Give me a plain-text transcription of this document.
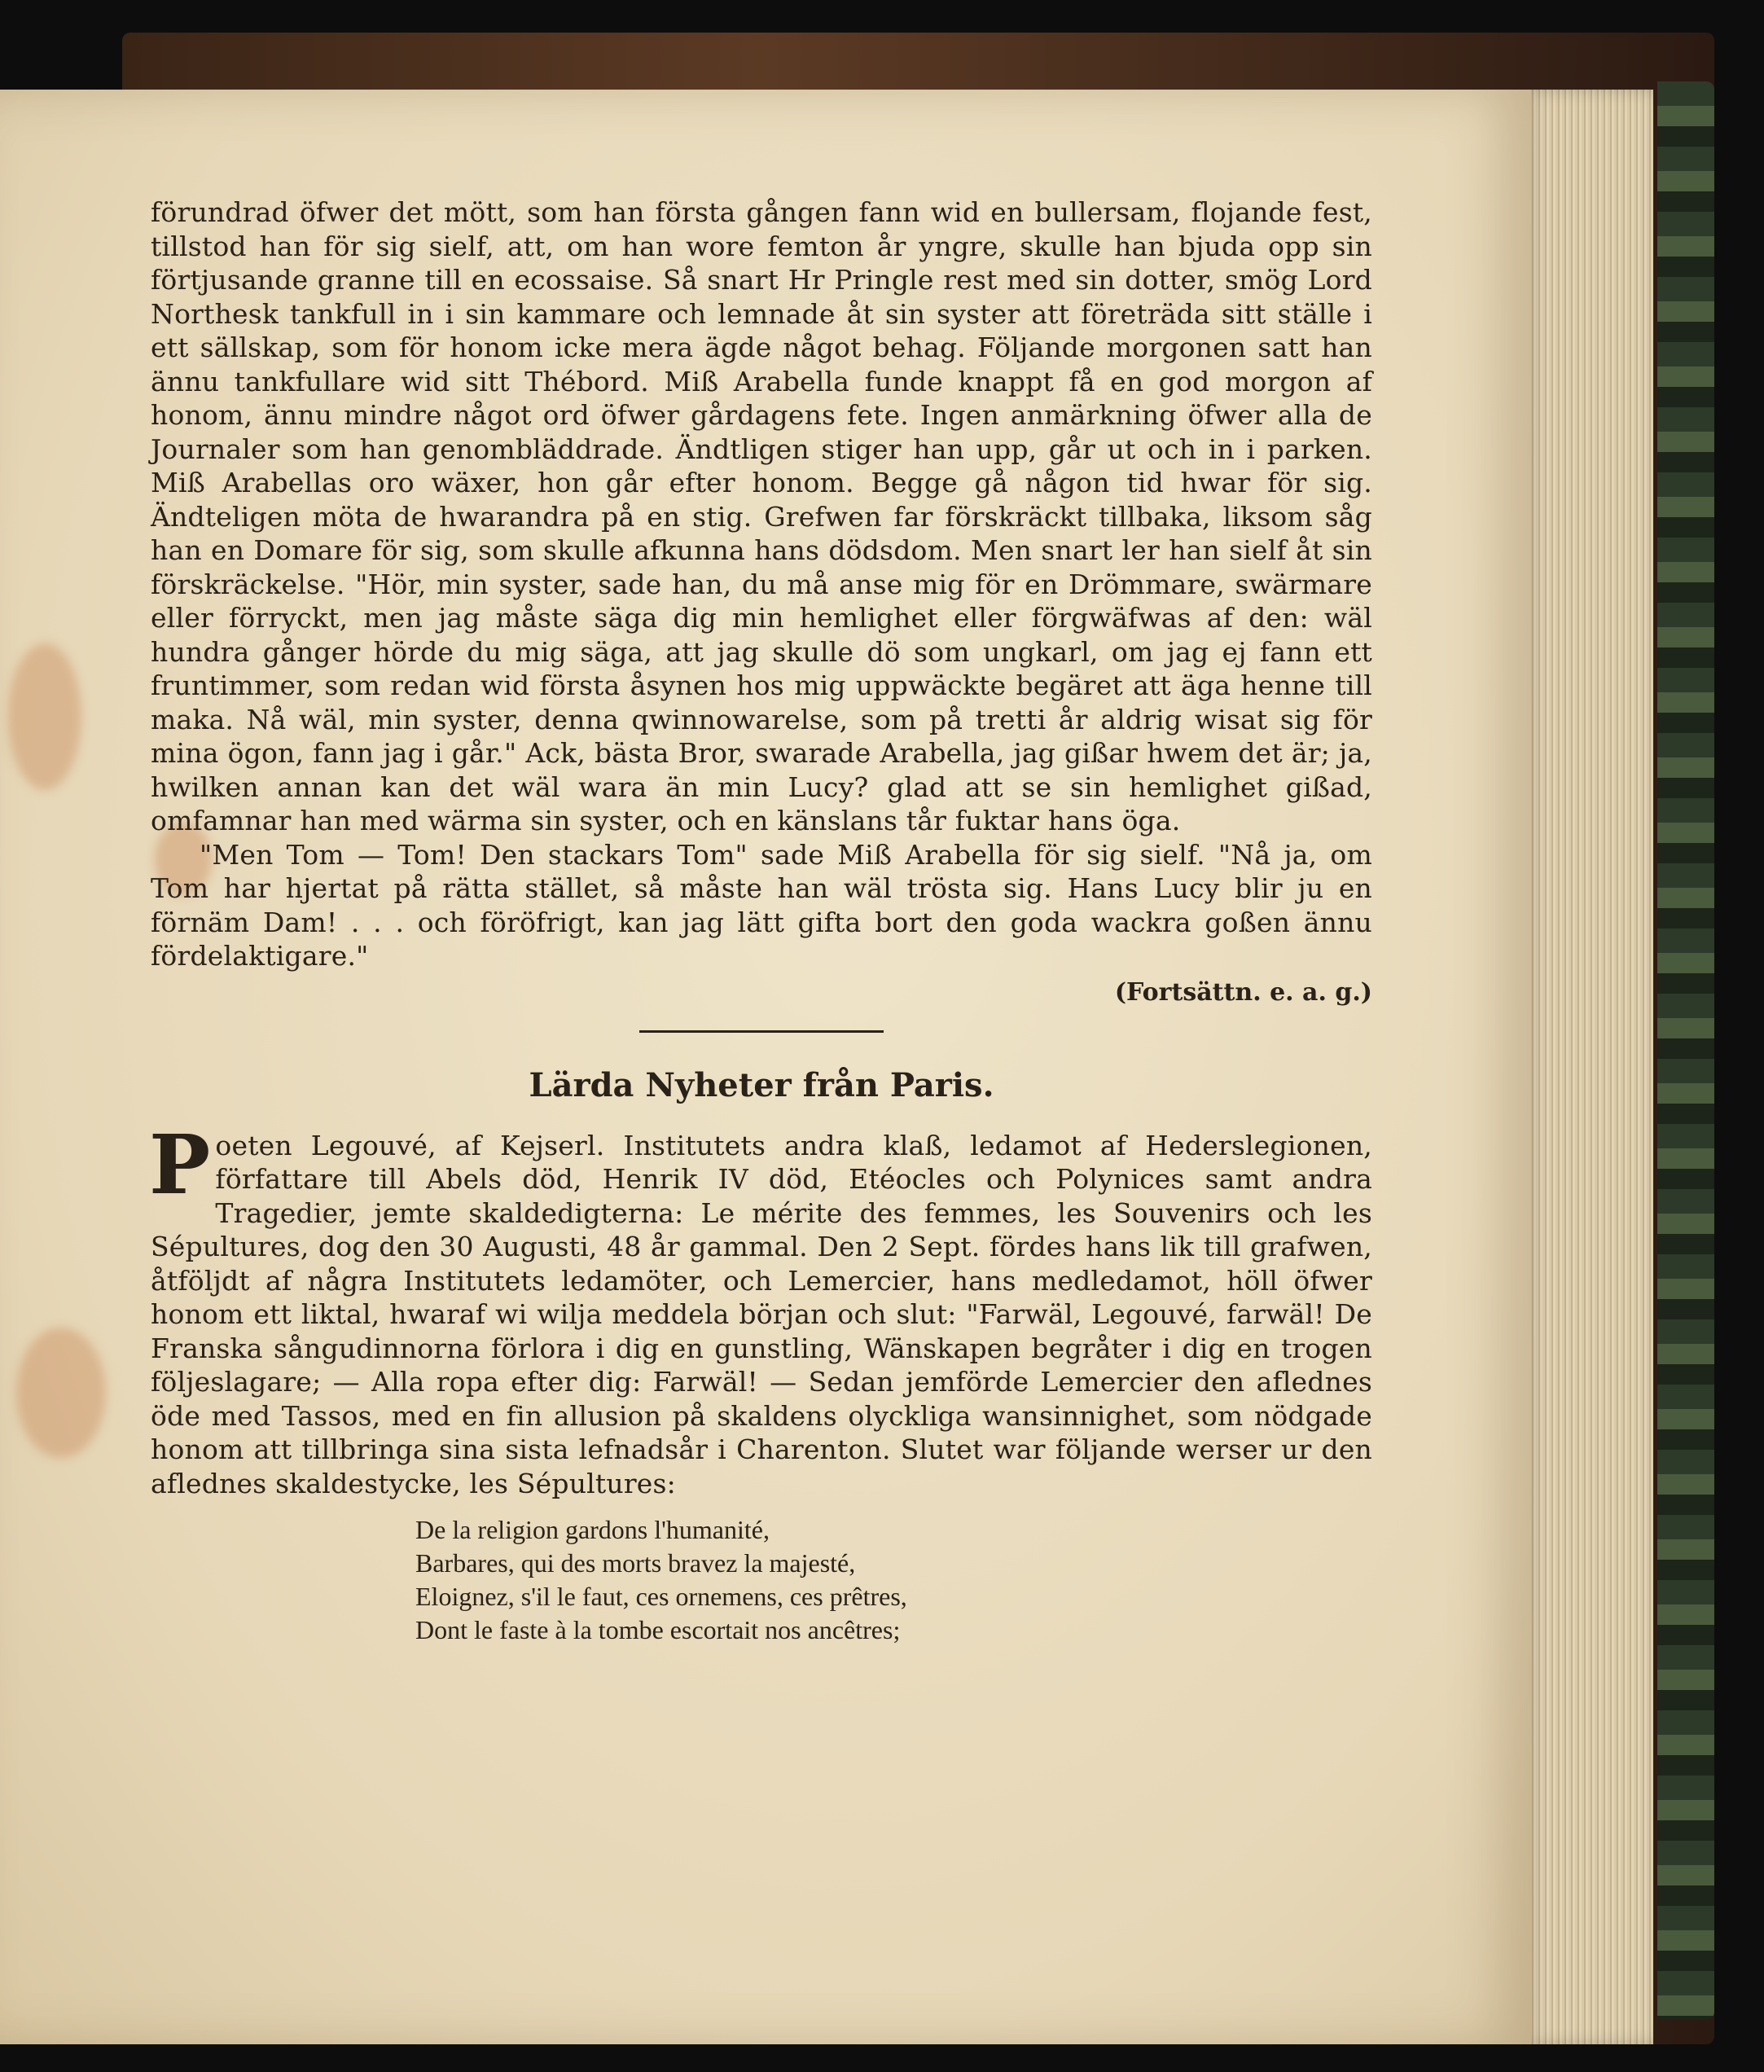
förundrad öfwer det mött, som han första gången fann wid en bullersam, flojande fest, tillstod han för sig sielf, att, om han wore femton år yngre, skulle han bjuda opp sin förtjusande granne till en ecossaise. Så snart Hr Pringle rest med sin dotter, smög Lord Northesk tankfull in i sin kammare och lemnade åt sin syster att företräda sitt ställe i ett sällskap, som för honom icke mera ägde något behag. Följande morgonen satt han ännu tankfullare wid sitt Thébord. Miß Arabella funde knappt få en god morgon af honom, ännu mindre något ord öfwer gårdagens fete. Ingen anmärkning öfwer alla de Journaler som han genombläddrade. Ändtligen stiger han upp, går ut och in i parken. Miß Arabellas oro wäxer, hon går efter honom. Begge gå någon tid hwar för sig. Ändteligen möta de hwarandra på en stig. Grefwen far förskräckt tillbaka, liksom såg han en Domare för sig, som skulle afkunna hans dödsdom. Men snart ler han sielf åt sin förskräckelse. "Hör, min syster, sade han, du må anse mig för en Drömmare, swärmare eller förryckt, men jag måste säga dig min hemlighet eller förgwäfwas af den: wäl hundra gånger hörde du mig säga, att jag skulle dö som ungkarl, om jag ej fann ett fruntimmer, som redan wid första åsynen hos mig uppwäckte begäret att äga henne till maka. Nå wäl, min syster, denna qwinnowarelse, som på tretti år aldrig wisat sig för mina ögon, fann jag i går." Ack, bästa Bror, swarade Arabella, jag gißar hwem det är; ja, hwilken annan kan det wäl wara än min Lucy? glad att se sin hemlighet gißad, omfamnar han med wärma sin syster, och en känslans tår fuktar hans öga.

"Men Tom — Tom! Den stackars Tom" sade Miß Arabella för sig sielf. "Nå ja, om Tom har hjertat på rätta stället, så måste han wäl trösta sig. Hans Lucy blir ju en förnäm Dam! . . . och föröfrigt, kan jag lätt gifta bort den goda wackra goßen ännu fördelaktigare."

(Fortsättn. e. a. g.)

Lärda Nyheter från Paris.

Poeten Legouvé, af Kejserl. Institutets andra klaß, ledamot af Hederslegionen, författare till Abels död, Henrik IV död, Etéocles och Polynices samt andra Tragedier, jemte skaldedigterna: Le mérite des femmes, les Souvenirs och les Sépultures, dog den 30 Augusti, 48 år gammal. Den 2 Sept. fördes hans lik till grafwen, åtföljdt af några Institutets ledamöter, och Lemercier, hans medledamot, höll öfwer honom ett liktal, hwaraf wi wilja meddela början och slut: "Farwäl, Legouvé, farwäl! De Franska sångudinnorna förlora i dig en gunstling, Wänskapen begråter i dig en trogen följeslagare; — Alla ropa efter dig: Farwäl! — Sedan jemförde Lemercier den aflednes öde med Tassos, med en fin allusion på skaldens olyckliga wansinnighet, som nödgade honom att tillbringa sina sista lefnadsår i Charenton. Slutet war följande werser ur den aflednes skaldestycke, les Sépultures:

De la religion gardons l'humanité,
Barbares, qui des morts bravez la majesté,
Eloignez, s'il le faut, ces ornemens, ces prêtres,
Dont le faste à la tombe escortait nos ancêtres;
